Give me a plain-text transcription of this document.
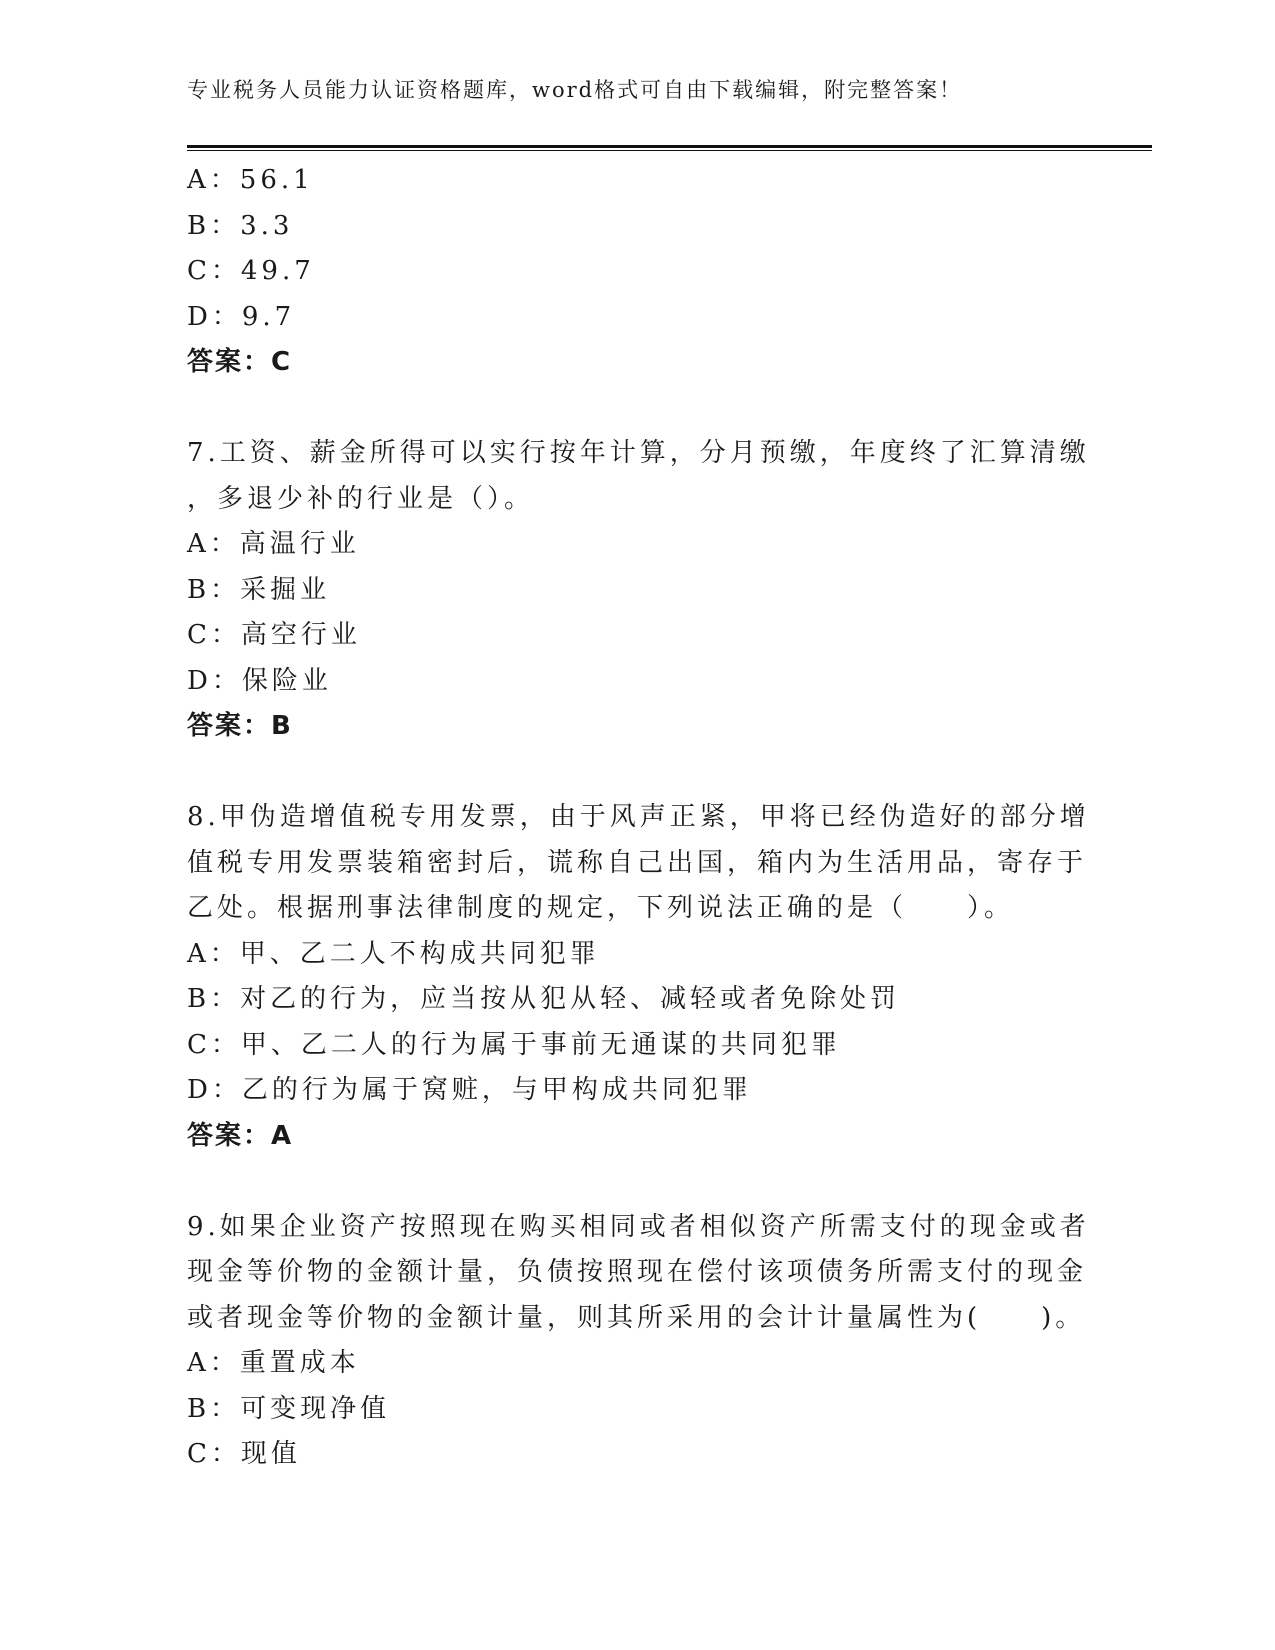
专业税务人员能力认证资格题库，word格式可自由下载编辑，附完整答案！
A：56.1
B：3.3
C：49.7
D：9.7
答案：C
7.工资、薪金所得可以实行按年计算，分月预缴，年度终了汇算清缴
，多退少补的行业是（）。
A：高温行业
B：采掘业
C：高空行业
D：保险业
答案：B
8.甲伪造增值税专用发票，由于风声正紧，甲将已经伪造好的部分增
值税专用发票装箱密封后，谎称自己出国，箱内为生活用品，寄存于
乙处。根据刑事法律制度的规定，下列说法正确的是（　　）。
A：甲、乙二人不构成共同犯罪
B：对乙的行为，应当按从犯从轻、减轻或者免除处罚
C：甲、乙二人的行为属于事前无通谋的共同犯罪
D：乙的行为属于窝赃，与甲构成共同犯罪
答案：A
9.如果企业资产按照现在购买相同或者相似资产所需支付的现金或者
现金等价物的金额计量，负债按照现在偿付该项债务所需支付的现金
或者现金等价物的金额计量，则其所采用的会计计量属性为(　　)。
A：重置成本
B：可变现净值
C：现值
